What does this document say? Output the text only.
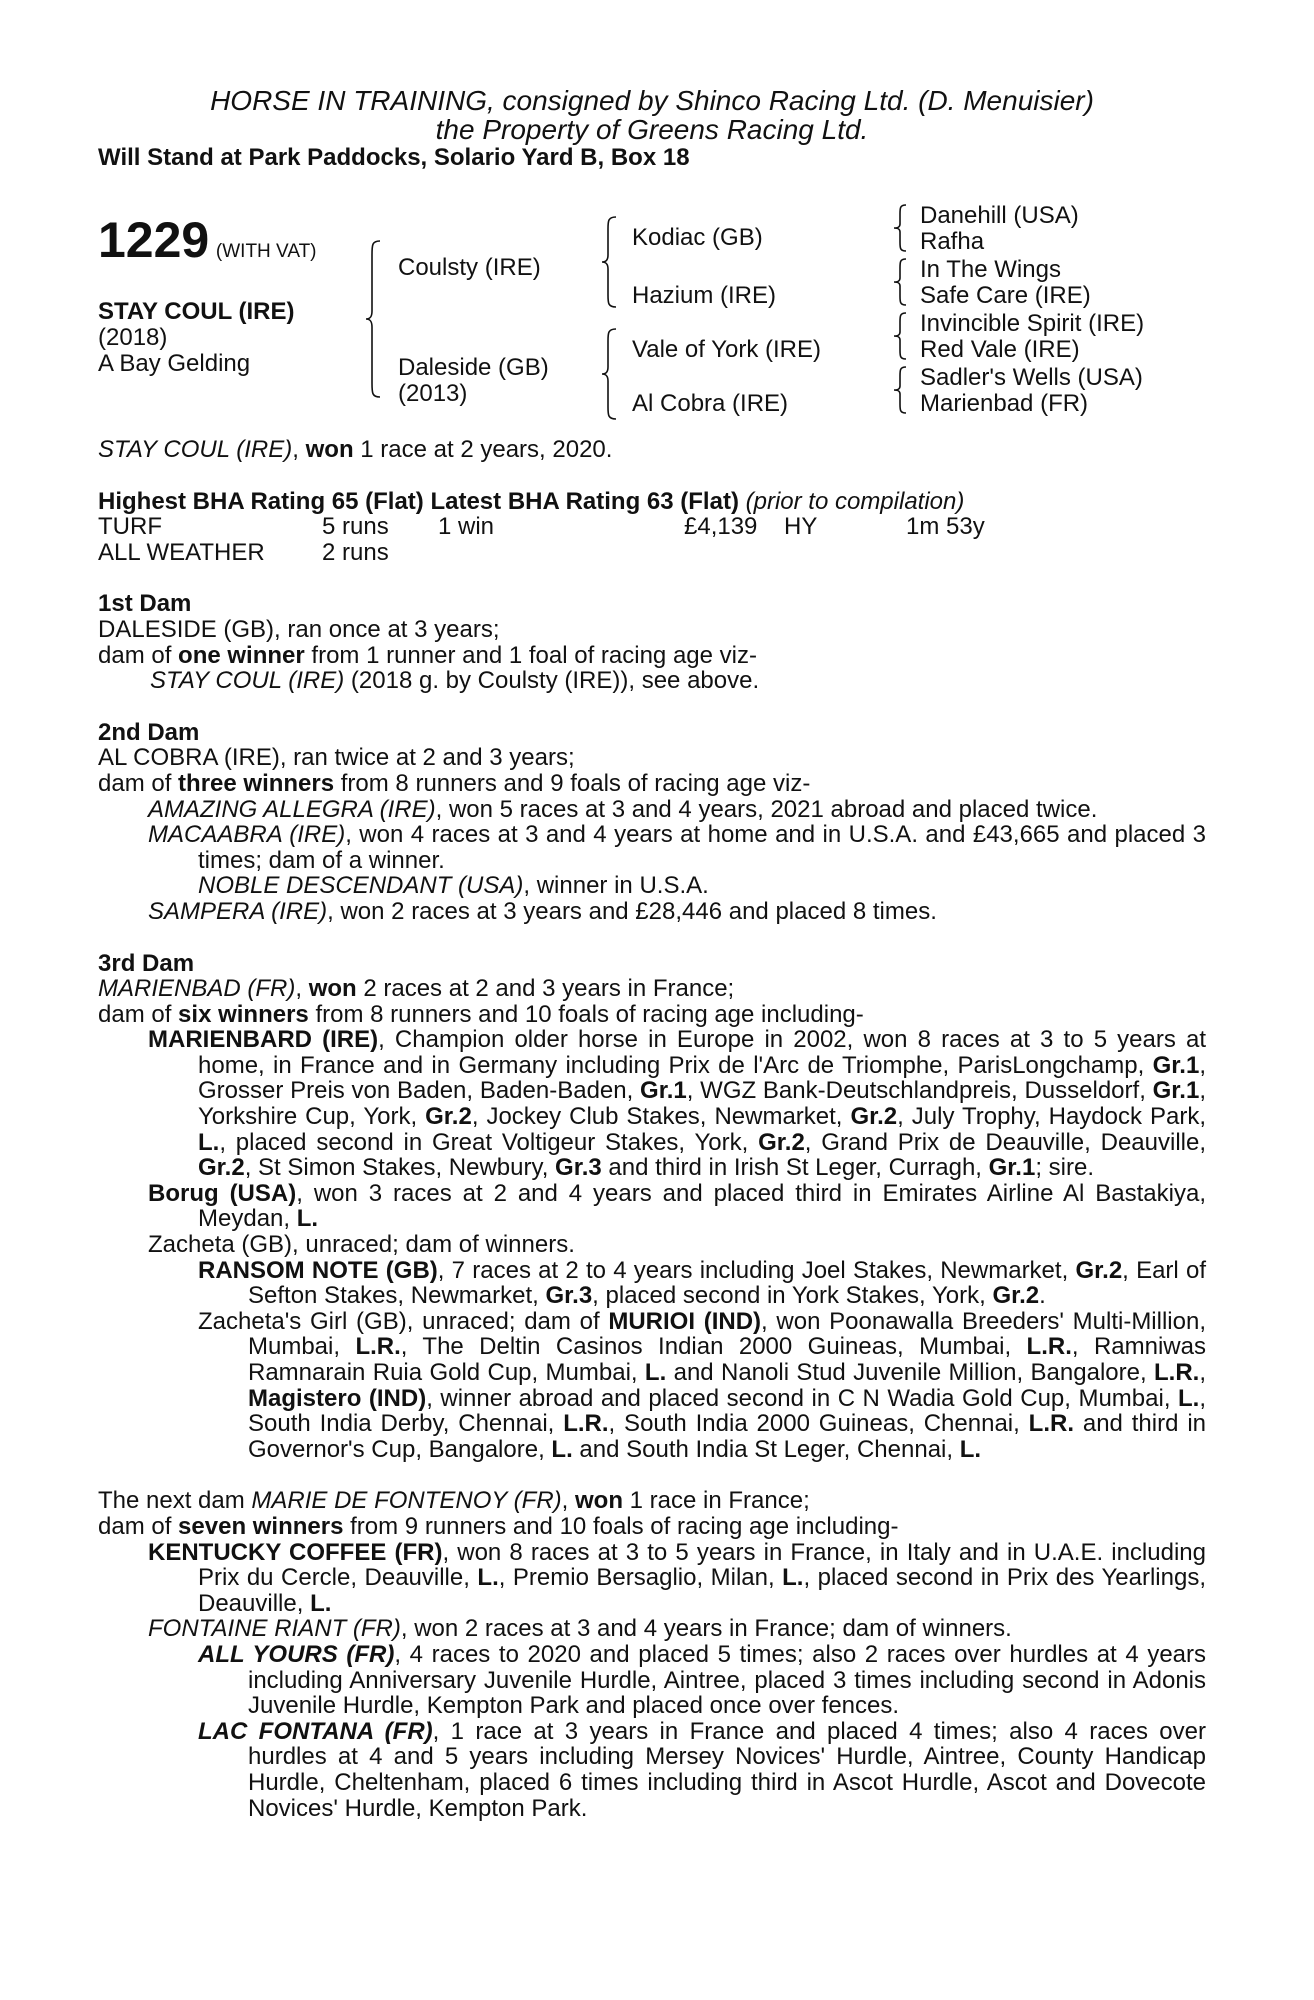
HORSE IN TRAINING, consigned by Shinco Racing Ltd. (D. Menuisier)
the Property of Greens Racing Ltd.
Will Stand at Park Paddocks, Solario Yard B, Box 18
1229 (WITH VAT)
STAY COUL (IRE)
(2018)
A Bay Gelding
Coulsty (IRE)
Daleside (GB)
(2013)
Kodiac (GB)
Hazium (IRE)
Vale of York (IRE)
Al Cobra (IRE)
Danehill (USA)
Rafha
In The Wings
Safe Care (IRE)
Invincible Spirit (IRE)
Red Vale (IRE)
Sadler's Wells (USA)
Marienbad (FR)

STAY COUL (IRE), won 1 race at 2 years, 2020.

Highest BHA Rating 65 (Flat) Latest BHA Rating 63 (Flat) (prior to compilation)

TURF	5 runs	1 win	£4,139	HY	1m 53y
ALL WEATHER	2 runs

1st Dam

DALESIDE (GB), ran once at 3 years;

dam of one winner from 1 runner and 1 foal of racing age viz-

STAY COUL (IRE) (2018 g. by Coulsty (IRE)), see above.

2nd Dam

AL COBRA (IRE), ran twice at 2 and 3 years;

dam of three winners from 8 runners and 9 foals of racing age viz-

AMAZING ALLEGRA (IRE), won 5 races at 3 and 4 years, 2021 abroad and placed twice.

MACAABRA (IRE), won 4 races at 3 and 4 years at home and in U.S.A. and £43,665 and placed 3 times; dam of a winner.

NOBLE DESCENDANT (USA), winner in U.S.A.

SAMPERA (IRE), won 2 races at 3 years and £28,446 and placed 8 times.

3rd Dam

MARIENBAD (FR), won 2 races at 2 and 3 years in France;

dam of six winners from 8 runners and 10 foals of racing age including-

MARIENBARD (IRE), Champion older horse in Europe in 2002, won 8 races at 3 to 5 years at home, in France and in Germany including Prix de l'Arc de Triomphe, ParisLongchamp, Gr.1, Grosser Preis von Baden, Baden-Baden, Gr.1, WGZ Bank-Deutschlandpreis, Dusseldorf, Gr.1, Yorkshire Cup, York, Gr.2, Jockey Club Stakes, Newmarket, Gr.2, July Trophy, Haydock Park, L., placed second in Great Voltigeur Stakes, York, Gr.2, Grand Prix de Deauville, Deauville, Gr.2, St Simon Stakes, Newbury, Gr.3 and third in Irish St Leger, Curragh, Gr.1; sire.

Borug (USA), won 3 races at 2 and 4 years and placed third in Emirates Airline Al Bastakiya, Meydan, L.

Zacheta (GB), unraced; dam of winners.

RANSOM NOTE (GB), 7 races at 2 to 4 years including Joel Stakes, Newmarket, Gr.2, Earl of Sefton Stakes, Newmarket, Gr.3, placed second in York Stakes, York, Gr.2.

Zacheta's Girl (GB), unraced; dam of MURIOI (IND), won Poonawalla Breeders' Multi-Million, Mumbai, L.R., The Deltin Casinos Indian 2000 Guineas, Mumbai, L.R., Ramniwas Ramnarain Ruia Gold Cup, Mumbai, L. and Nanoli Stud Juvenile Million, Bangalore, L.R., Magistero (IND), winner abroad and placed second in C N Wadia Gold Cup, Mumbai, L., South India Derby, Chennai, L.R., South India 2000 Guineas, Chennai, L.R. and third in Governor's Cup, Bangalore, L. and South India St Leger, Chennai, L.

The next dam MARIE DE FONTENOY (FR), won 1 race in France;

dam of seven winners from 9 runners and 10 foals of racing age including-

KENTUCKY COFFEE (FR), won 8 races at 3 to 5 years in France, in Italy and in U.A.E. including Prix du Cercle, Deauville, L., Premio Bersaglio, Milan, L., placed second in Prix des Yearlings, Deauville, L.

FONTAINE RIANT (FR), won 2 races at 3 and 4 years in France; dam of winners.

ALL YOURS (FR), 4 races to 2020 and placed 5 times; also 2 races over hurdles at 4 years including Anniversary Juvenile Hurdle, Aintree, placed 3 times including second in Adonis Juvenile Hurdle, Kempton Park and placed once over fences.

LAC FONTANA (FR), 1 race at 3 years in France and placed 4 times; also 4 races over hurdles at 4 and 5 years including Mersey Novices' Hurdle, Aintree, County Handicap Hurdle, Cheltenham, placed 6 times including third in Ascot Hurdle, Ascot and Dovecote Novices' Hurdle, Kempton Park.
